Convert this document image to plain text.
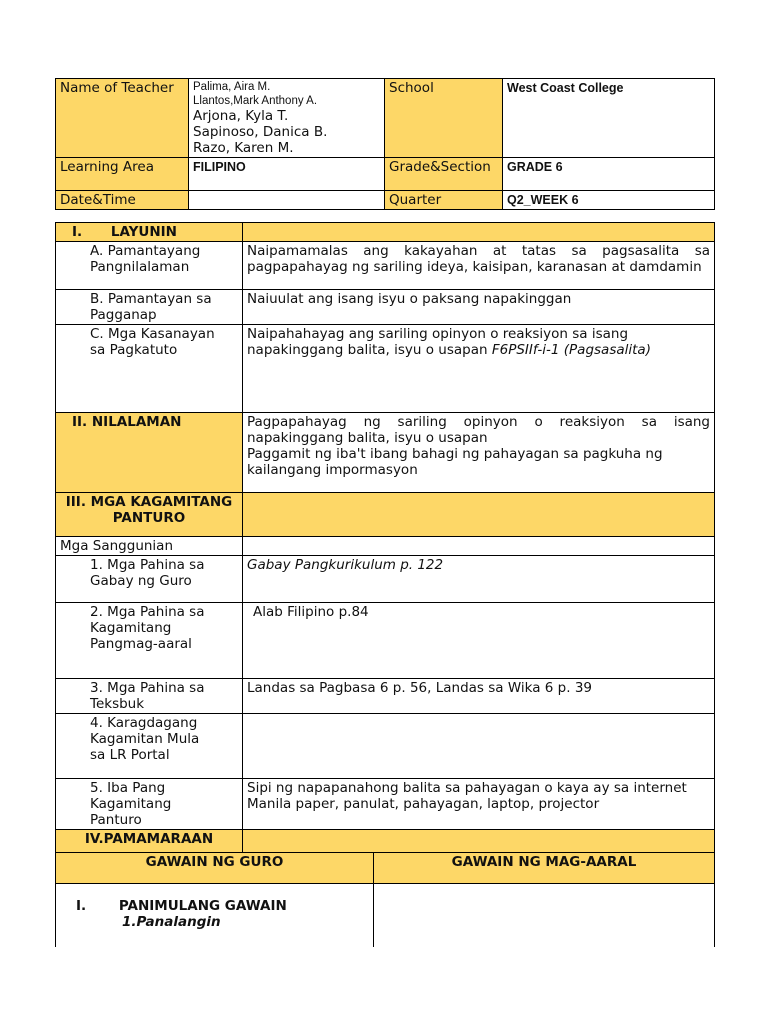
Name of Teacher	Palima, Aira M.
Llantos,Mark Anthony A.
Arjona, Kyla T.
Sapinoso, Danica B.
Razo, Karen M.	School	West Coast College
Learning Area	FILIPINO	Grade&Section	GRADE 6
Date&Time		Quarter	Q2_WEEK 6
I. LAYUNIN	
A. Pamantayang Pangnilalaman	Naipamamalas ang kakayahan at tatas sa pagsasalita sa pagpapahayag ng sariling ideya, kaisipan, karanasan at damdamin
B. Pamantayan sa Pagganap	Naiuulat ang isang isyu o paksang napakinggan
C. Mga Kasanayan sa Pagkatuto	Naipahahayag ang sariling opinyon o reaksiyon sa isang napakinggang balita, isyu o usapan F6PSIIf-i-1 (Pagsasalita)
II. NILALAMAN	Pagpapahayag ng sariling opinyon o reaksiyon sa isang napakinggang balita, isyu o usapan
Paggamit ng iba't ibang bahagi ng pahayagan sa pagkuha ng kailangang impormasyon

III. MGA KAGAMITANG PANTURO	
Mga Sanggunian	
1. Mga Pahina sa Gabay ng Guro	Gabay Pangkurikulum p. 122
2. Mga Pahina sa Kagamitang Pangmag-aaral	Alab Filipino p.84
3. Mga Pahina sa Teksbuk	Landas sa Pagbasa 6 p. 56, Landas sa Wika 6 p. 39
4. Karagdagang Kagamitan Mula sa LR Portal	
5. Iba Pang Kagamitang Panturo	Sipi ng napapanahong balita sa pahayagan o kaya ay sa internet
Manila paper, panulat, pahayagan, laptop, projector

IV.PAMAMARAAN	
GAWAIN NG GURO	GAWAIN NG MAG-AARAL

I. PANIMULANG GAWAIN
1.Panalangin	
